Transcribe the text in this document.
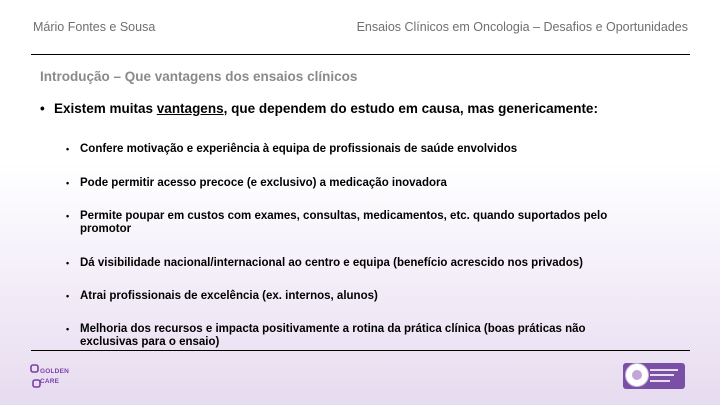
Mário Fontes e Sousa	Ensaios Clínicos em Oncologia – Desafios e Oportunidades
Introdução – Que vantagens dos ensaios clínicos
• Existem muitas vantagens, que dependem do estudo em causa, mas genericamente:
• Confere motivação e experiência à equipa de profissionais de saúde envolvidos
• Pode permitir acesso precoce (e exclusivo) a medicação inovadora
• Permite poupar em custos com exames, consultas, medicamentos, etc. quando suportados pelo promotor
• Dá visibilidade nacional/internacional ao centro e equipa (benefício acrescido nos privados)
• Atrai profissionais de excelência (ex. internos, alunos)
• Melhoria dos recursos e impacta positivamente a rotina da prática clínica (boas práticas não exclusivas para o ensaio)
GOLDEN
CARE
